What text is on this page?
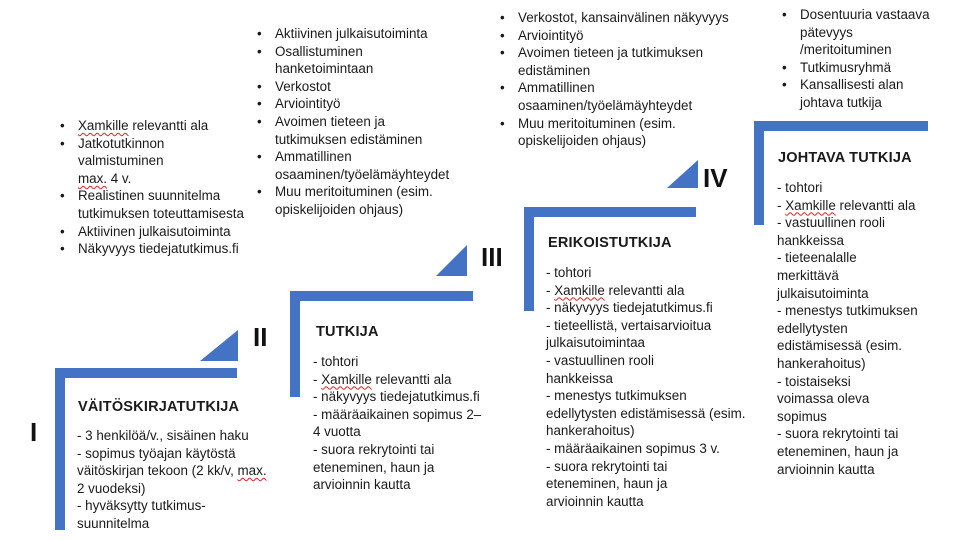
I
• Xamkille relevantti ala
• Jatkotutkinnon valmistuminen
max. 4 v.
• Realistinen suunnitelma tutkimuksen toteuttamisesta
• Aktiivinen julkaisutoiminta
• Näkyvyys tiedejatutkimus.fi
VÄITÖSKIRJATUTKIJA
- 3 henkilöä/v., sisäinen haku
- sopimus työajan käytöstä väitöskirjan tekoon (2 kk/v, max. 2 vuodeksi)
- hyväksytty tutkimus-
suunnitelma
II
• Aktiivinen julkaisutoiminta
• Osallistuminen hanketoimintaan
• Verkostot
• Arviointityö
• Avoimen tieteen ja tutkimuksen edistäminen
• Ammatillinen osaaminen/työelämäyhteydet
• Muu meritoituminen (esim. opiskelijoiden ohjaus)
TUTKIJA
- tohtori
- Xamkille relevantti ala
- näkyvyys tiedejatutkimus.fi
- määräaikainen sopimus 2–4 vuotta
- suora rekrytointi tai eteneminen, haun ja arvioinnin kautta
III
• Verkostot, kansainvälinen näkyvyys
• Arviointityö
• Avoimen tieteen ja tutkimuksen edistäminen
• Ammatillinen osaaminen/työelämäyhteydet
• Muu meritoituminen (esim. opiskelijoiden ohjaus)
ERIKOISTUTKIJA
- tohtori
- Xamkille relevantti ala
- näkyvyys tiedejatutkimus.fi
- tieteellistä, vertaisarvioitua julkaisutoimintaa
- vastuullinen rooli hankkeissa
- menestys tutkimuksen edellytysten edistämisessä (esim. hankerahoitus)
- määräaikainen sopimus 3 v.
- suora rekrytointi tai eteneminen, haun ja arvioinnin kautta
IV
• Dosentuuria vastaava pätevyys /meritoituminen
• Tutkimusryhmä
• Kansallisesti alan johtava tutkija
JOHTAVA TUTKIJA
- tohtori
- Xamkille relevantti ala
- vastuullinen rooli hankkeissa
- tieteenalalle merkittävä julkaisutoiminta
- menestys tutkimuksen edellytysten edistämisessä (esim. hankerahoitus)
- toistaiseksi voimassa oleva sopimus
- suora rekrytointi tai eteneminen, haun ja arvioinnin kautta
